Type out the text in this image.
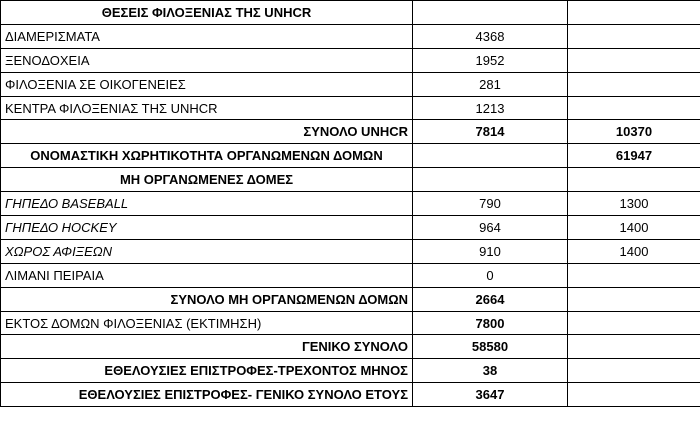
ΘΕΣΕΙΣ ΦΙΛΟΞΕΝΙΑΣ ΤΗΣ UNHCR		
ΔΙΑΜΕΡΙΣΜΑΤΑ	4368	
ΞΕΝΟΔΟΧΕΙΑ	1952	
ΦΙΛΟΞΕΝΙΑ ΣΕ ΟΙΚΟΓΕΝΕΙΕΣ	281	
ΚΕΝΤΡΑ ΦΙΛΟΞΕΝΙΑΣ ΤΗΣ UNHCR	1213	
ΣΥΝΟΛΟ UNHCR	7814	10370
ΟΝΟΜΑΣΤΙΚΗ ΧΩΡΗΤΙΚΟΤΗΤΑ ΟΡΓΑΝΩΜΕΝΩΝ ΔΟΜΩΝ		61947
ΜΗ ΟΡΓΑΝΩΜΕΝΕΣ ΔΟΜΕΣ		
ΓΗΠΕΔΟ BASEBALL	790	1300
ΓΗΠΕΔΟ HOCKEY	964	1400
ΧΩΡΟΣ ΑΦΙΞΕΩΝ	910	1400
ΛΙΜΑΝΙ ΠΕΙΡΑΙΑ	0	
ΣΥΝΟΛΟ ΜΗ ΟΡΓΑΝΩΜΕΝΩΝ ΔΟΜΩΝ	2664	
ΕΚΤΟΣ ΔΟΜΩΝ ΦΙΛΟΞΕΝΙΑΣ (ΕΚΤΙΜΗΣΗ)	7800	
ΓΕΝΙΚΟ ΣΥΝΟΛΟ	58580	
ΕΘΕΛΟΥΣΙΕΣ ΕΠΙΣΤΡΟΦΕΣ-ΤΡΕΧΟΝΤΟΣ ΜΗΝΟΣ	38	
ΕΘΕΛΟΥΣΙΕΣ ΕΠΙΣΤΡΟΦΕΣ- ΓΕΝΙΚΟ ΣΥΝΟΛΟ ΕΤΟΥΣ	3647	
